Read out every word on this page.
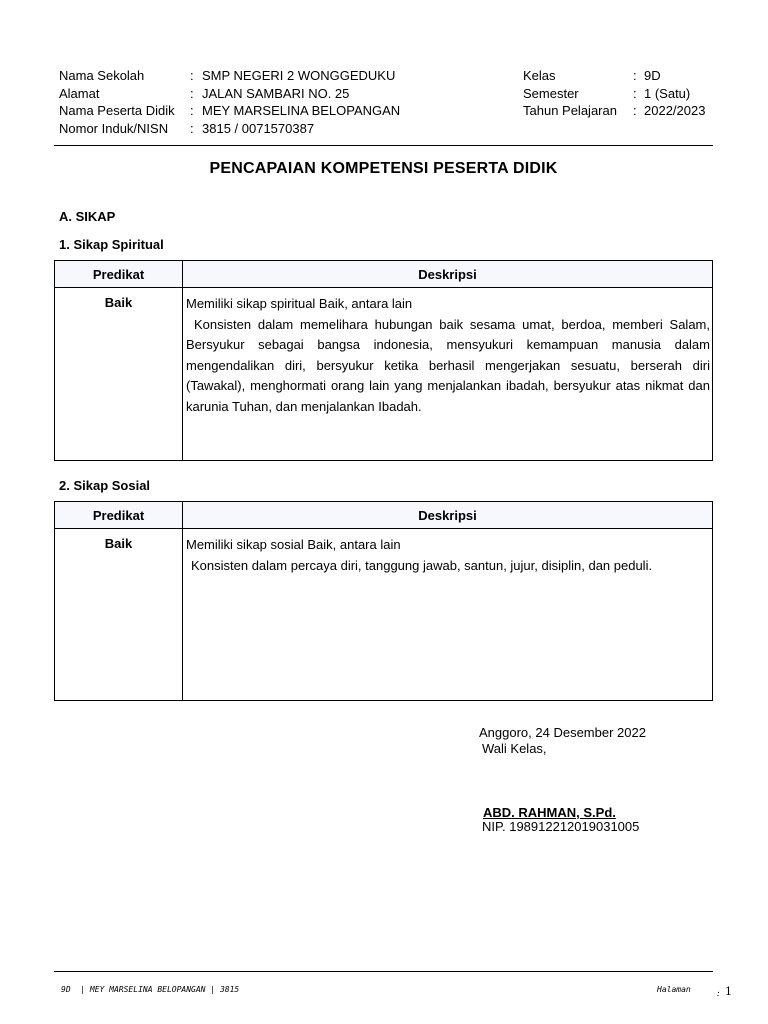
Nama Sekolah	: SMP NEGERI 2 WONGGEDUKU
Alamat	: JALAN SAMBARI NO. 25
Nama Peserta Didik : MEY MARSELINA BELOPANGAN
Nomor Induk/NISN : 3815 / 0071570387
Kelas	: 9D
Semester	: 1 (Satu)
Tahun Pelajaran : 2022/2023
PENCAPAIAN KOMPETENSI PESERTA DIDIK
A. SIKAP
1. Sikap Spiritual
Predikat	Deskripsi
Baik	Memiliki sikap spiritual Baik, antara lain
Konsisten dalam memelihara hubungan baik sesama umat, berdoa, memberi Salam, Bersyukur sebagai bangsa indonesia, mensyukuri kemampuan manusia dalam mengendalikan diri, bersyukur ketika berhasil mengerjakan sesuatu, berserah diri (Tawakal), menghormati orang lain yang menjalankan ibadah, bersyukur atas nikmat dan karunia Tuhan, dan menjalankan Ibadah.
2. Sikap Sosial
Predikat	Deskripsi
Baik	Memiliki sikap sosial Baik, antara lain
Konsisten dalam percaya diri, tanggung jawab, santun, jujur, disiplin, dan peduli.
Anggoro, 24 Desember 2022
Wali Kelas,
ABD. RAHMAN, S.Pd.
NIP. 198912212019031005
9D  | MEY MARSELINA BELOPANGAN | 3815	Halaman	: 1
